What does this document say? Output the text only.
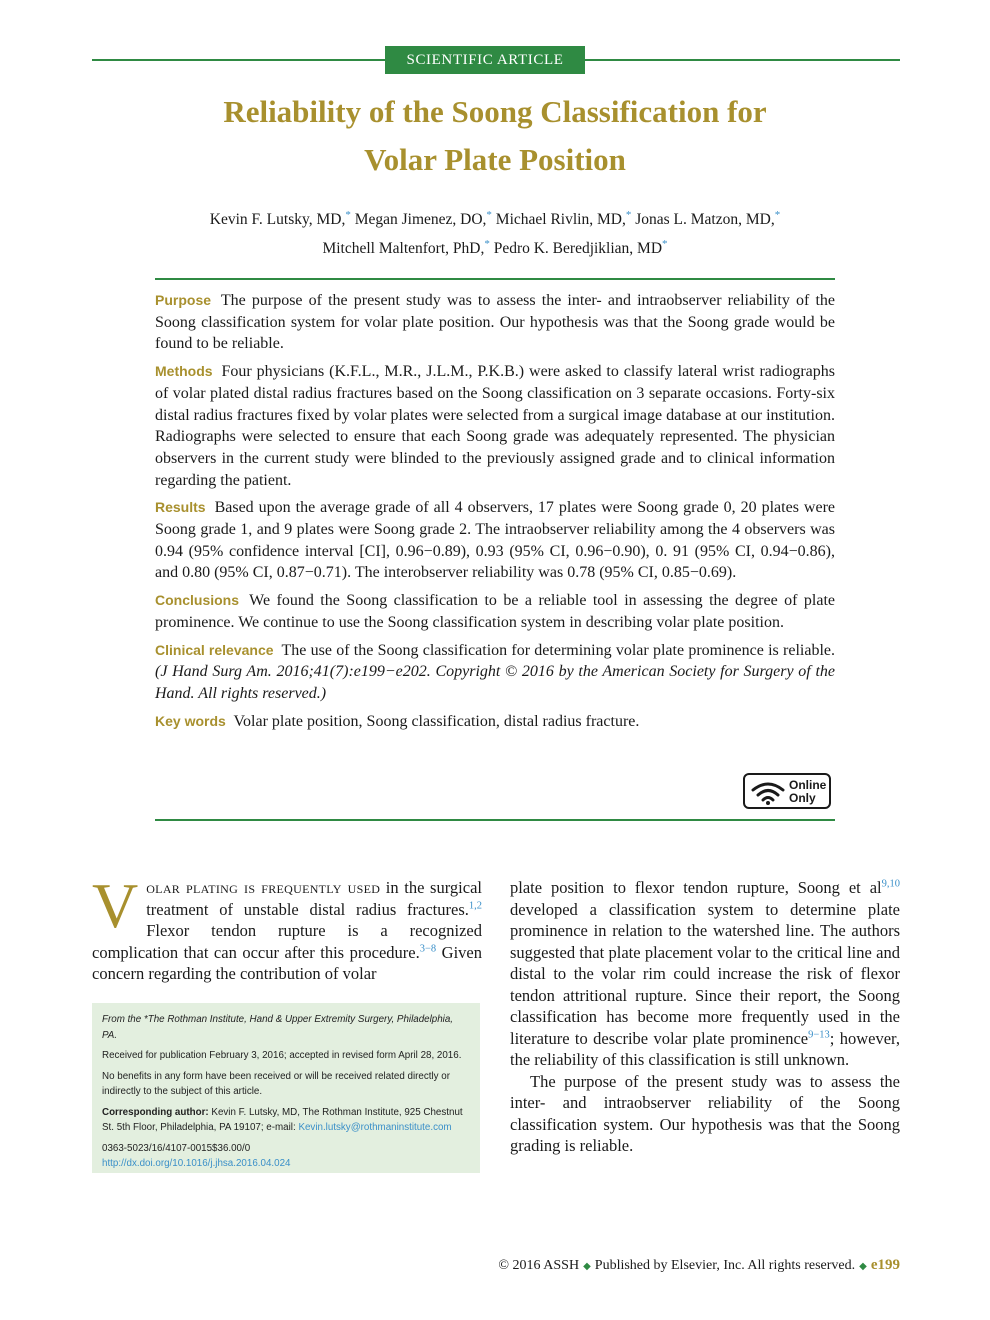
SCIENTIFIC ARTICLE
Reliability of the Soong Classification for
Volar Plate Position
Kevin F. Lutsky, MD,* Megan Jimenez, DO,* Michael Rivlin, MD,* Jonas L. Matzon, MD,*
Mitchell Maltenfort, PhD,* Pedro K. Beredjiklian, MD*

Purpose The purpose of the present study was to assess the inter- and intraobserver reliability of the Soong classification system for volar plate position. Our hypothesis was that the Soong grade would be found to be reliable.

Methods Four physicians (K.F.L., M.R., J.L.M., P.K.B.) were asked to classify lateral wrist radiographs of volar plated distal radius fractures based on the Soong classification on 3 separate occasions. Forty-six distal radius fractures fixed by volar plates were selected from a surgical image database at our institution. Radiographs were selected to ensure that each Soong grade was adequately represented. The physician observers in the current study were blinded to the previously assigned grade and to clinical information regarding the patient.

Results Based upon the average grade of all 4 observers, 17 plates were Soong grade 0, 20 plates were Soong grade 1, and 9 plates were Soong grade 2. The intraobserver reliability among the 4 observers was 0.94 (95% confidence interval [CI], 0.96−0.89), 0.93 (95% CI, 0.96−0.90), 0. 91 (95% CI, 0.94−0.86), and 0.80 (95% CI, 0.87−0.71). The interobserver reliability was 0.78 (95% CI, 0.85−0.69).

Conclusions We found the Soong classification to be a reliable tool in assessing the degree of plate prominence. We continue to use the Soong classification system in describing volar plate position.

Clinical relevance The use of the Soong classification for determining volar plate prominence is reliable. (J Hand Surg Am. 2016;41(7):e199−e202. Copyright © 2016 by the American Society for Surgery of the Hand. All rights reserved.)

Key words Volar plate position, Soong classification, distal radius fracture.

Online
Only

Volar plating is frequently used in the surgical treatment of unstable distal radius fractures.$^{1,2}$ Flexor tendon rupture is a recognized complication that can occur after this procedure.$^{3-8}$ Given concern regarding the contribution of volar

From the *The Rothman Institute, Hand & Upper Extremity Surgery, Philadelphia, PA.

Received for publication February 3, 2016; accepted in revised form April 28, 2016.

No benefits in any form have been received or will be received related directly or indirectly to the subject of this article.

Corresponding author: Kevin F. Lutsky, MD, The Rothman Institute, 925 Chestnut St. 5th Floor, Philadelphia, PA 19107; e-mail: Kevin.lutsky@rothmaninstitute.com

0363-5023/16/4107-0015$36.00/0
http://dx.doi.org/10.1016/j.jhsa.2016.04.024

plate position to flexor tendon rupture, Soong et al$^{9,10}$ developed a classification system to determine plate prominence in relation to the watershed line. The authors suggested that plate placement volar to the critical line and distal to the volar rim could increase the risk of flexor tendon attritional rupture. Since their report, the Soong classification has become more frequently used in the literature to describe volar plate prominence$^{9-13}$; however, the reliability of this classification is still unknown.

The purpose of the present study was to assess the inter- and intraobserver reliability of the Soong classification system. Our hypothesis was that the Soong grading is reliable.

© 2016 ASSH ◆ Published by Elsevier, Inc. All rights reserved. ◆ e199
